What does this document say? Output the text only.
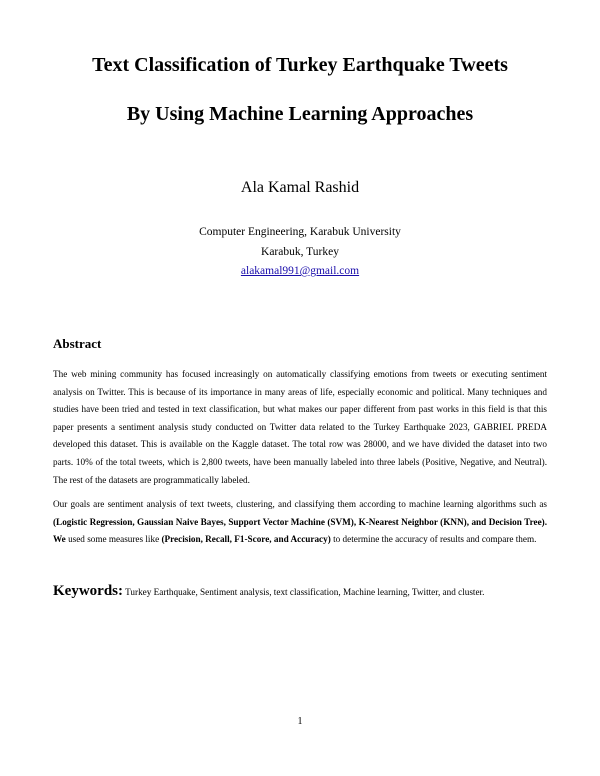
Text Classification of Turkey Earthquake Tweets
By Using Machine Learning Approaches
Ala Kamal Rashid
Computer Engineering, Karabuk University
Karabuk, Turkey
alakamal991@gmail.com
Abstract

The web mining community has focused increasingly on automatically classifying emotions from tweets or executing sentiment analysis on Twitter. This is because of its importance in many areas of life, especially economic and political. Many techniques and studies have been tried and tested in text classification, but what makes our paper different from past works in this field is that this paper presents a sentiment analysis study conducted on Twitter data related to the Turkey Earthquake 2023, GABRIEL PREDA developed this dataset. This is available on the Kaggle dataset. The total row was 28000, and we have divided the dataset into two parts. 10% of the total tweets, which is 2,800 tweets, have been manually labeled into three labels (Positive, Negative, and Neutral). The rest of the datasets are programmatically labeled.

Our goals are sentiment analysis of text tweets, clustering, and classifying them according to machine learning algorithms such as (Logistic Regression, Gaussian Naive Bayes, Support Vector Machine (SVM), K-Nearest Neighbor (KNN), and Decision Tree). We used some measures like (Precision, Recall, F1-Score, and Accuracy) to determine the accuracy of results and compare them.

Keywords: Turkey Earthquake, Sentiment analysis, text classification, Machine learning, Twitter, and cluster.
1
